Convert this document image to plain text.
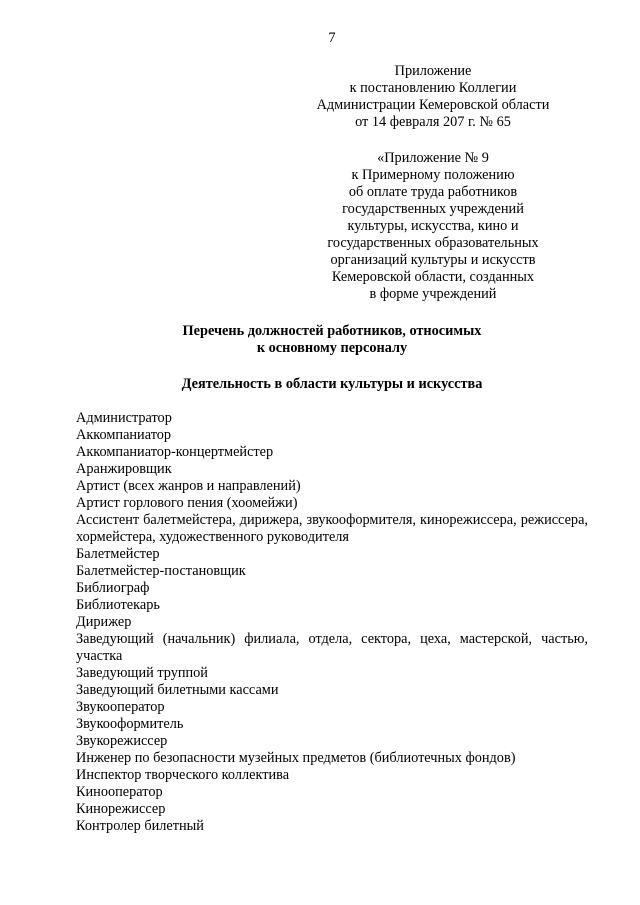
7
Приложение
к постановлению Коллегии
Администрации Кемеровской области
от 14 февраля 207 г. № 65
«Приложение № 9
к Примерному положению
об оплате труда работников
государственных учреждений
культуры, искусства, кино и
государственных образовательных
организаций культуры и искусств
Кемеровской области, созданных
в форме учреждений
Перечень должностей работников, относимых
к основному персоналу
Деятельность в области культуры и искусства
Администратор
Аккомпаниатор
Аккомпаниатор-концертмейстер
Аранжировщик
Артист (всех жанров и направлений)
Артист горлового пения (хоомейжи)
Ассистент балетмейстера, дирижера, звукооформителя, кинорежиссера, режиссера, хормейстера, художественного руководителя
Балетмейстер
Балетмейстер-постановщик
Библиограф
Библиотекарь
Дирижер
Заведующий (начальник) филиала, отдела, сектора, цеха, мастерской, частью, участка
Заведующий труппой
Заведующий билетными кассами
Звукооператор
Звукооформитель
Звукорежиссер
Инженер по безопасности музейных предметов (библиотечных фондов)
Инспектор творческого коллектива
Кинооператор
Кинорежиссер
Контролер билетный
